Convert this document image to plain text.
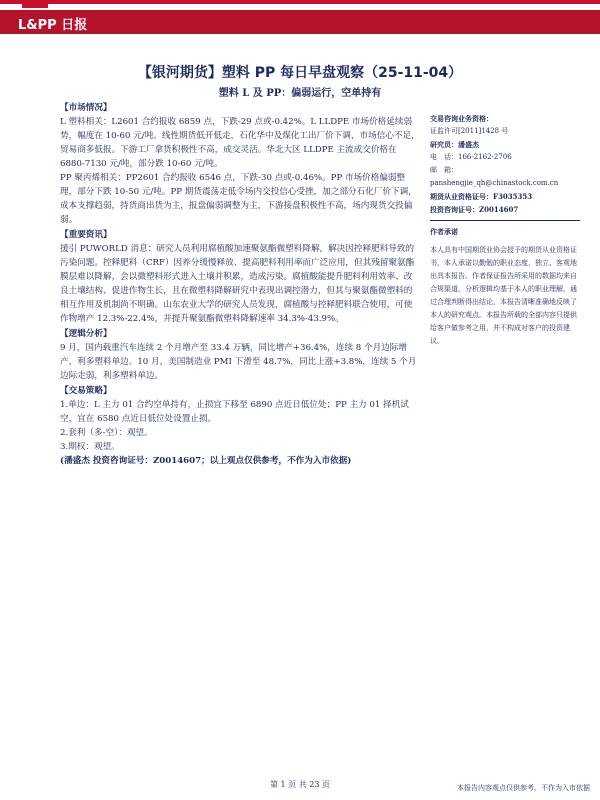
L&PP 日报
【银河期货】塑料 PP 每日早盘观察（25-11-04）
塑料 L 及 PP：偏弱运行，空单持有
【市场情况】

L 塑料相关：L2601 合约报收 6859 点，下跌-29 点或-0.42%。L LLDPE 市场价格延续弱势，幅度在 10-60 元/吨。线性期货低开低走，石化华中及煤化工出厂价下调，市场信心不足，贸易商多低报。下游工厂拿货积极性不高，成交灵活。华北大区 LLDPE 主流成交价格在 6880-7130 元/吨，部分跌 10-60 元/吨。

PP 聚丙烯相关：PP2601 合约报收 6546 点，下跌-30 点或-0.46%。PP 市场价格偏弱整理，部分下跌 10-50 元/吨。PP 期货震荡走低令场内交投信心受挫，加之部分石化厂价下调，成本支撑趋弱，持货商出货为主，报盘偏弱调整为主，下游接盘积极性不高，场内现货交投偏弱。

【重要资讯】

援引 PUWORLD 消息：研究人员利用腐植酸加速聚氨酯微塑料降解，解决因控释肥料导致的污染问题。控释肥料（CRF）因养分缓慢释放、提高肥料利用率而广泛应用，但其残留聚氨酯膜层难以降解，会以微塑料形式进入土壤并积累，造成污染。腐植酸能提升肥料利用效率、改良土壤结构、促进作物生长，且在微塑料降解研究中表现出调控潜力，但其与聚氨酯微塑料的相互作用及机制尚不明确。山东农业大学的研究人员发现，腐植酸与控释肥料联合使用，可使作物增产 12.3%-22.4%，并提升聚氨酯微塑料降解速率 34.3%-43.9%。

【逻辑分析】

9 月，国内载重汽车连续 2 个月增产至 33.4 万辆，同比增产+36.4%，连续 8 个月边际增产，利多塑料单边。10 月，美国制造业 PMI 下滑至 48.7%，同比上涨+3.8%，连续 5 个月边际走弱，利多塑料单边。

【交易策略】

1.单边：L 主力 01 合约空单持有，止损宜下移至 6890 点近日低位处；PP 主力 01 择机试空，宜在 6580 点近日低位处设置止损。

2.套利（多-空）：观望。

3.期权：观望。

(潘盛杰 投资咨询证号：Z0014607；以上观点仅供参考，不作为入市依据)

交易咨询业务资格：
证监许可[2011]1428 号
研究员：潘盛杰
电　话：166-2162-2706
邮　箱：
panshengjie_qh@chinastock.com.cn
期货从业资格证号：F3035353
投资咨询证号：Z0014607
作者承诺
本人具有中国期货业协会授予的期货从业资格证书，本人承诺以勤勉的职业态度，独立、客观地出具本报告。作者保证报告所采用的数据均来自合规渠道，分析逻辑均基于本人的职业理解，通过合理判断得出结论，本报告清晰准确地反映了本人的研究观点。本报告所载的全部内容只提供给客户做参考之用，并不构成对客户的投资建议。
第 1 页 共 23 页	本报告内容观点仅供参考，不作为入市依据
